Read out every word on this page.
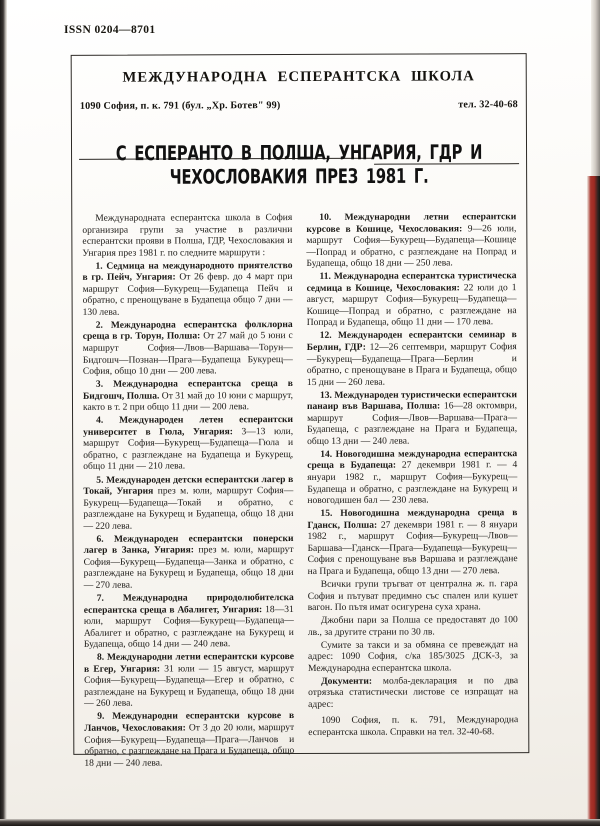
ISSN 0204—8701
МЕЖДУНАРОДНА ЕСПЕРАНТСКА ШКОЛА
1090 София, п. к. 791 (бул. „Хр. Ботев" 99)	тел. 32-40-68
С ЕСПЕРАНТО В ПОЛША, УНГАРИЯ, ГДР И ЧЕХОСЛОВАКИЯ ПРЕЗ 1981 Г.

Международната есперантска школа в София организира групи за участие в различни есперантски прояви в Полша, ГДР, Чехословакия и Унгария през 1981 г. по следните маршрути :

1. Седмица на международното приятелство в гр. Пейч, Унгария: От 26 февр. до 4 март при маршрут София—Букурещ—Будапеща Пейч и обратно, с пренощуване в Будапеща общо 7 дни — 130 лева.

2. Международна есперантска фолклорна среща в гр. Торун, Полша: От 27 май до 5 юни с маршрут София—Лвов—Варшава—Торун—Бидгошч—Познан—Прага—Будапеща Букурещ—София, общо 10 дни — 200 лева.

3. Международна есперантска среща в Бидгошч, Полша. От 31 май до 10 юни с маршрут, както в т. 2 при общо 11 дни — 200 лева.

4. Международен летен есперантски университет в Гюла, Унгария: 3—13 юли, маршрут София—Букурещ—Будапеща—Гюла и обратно, с разглеждане на Будапеща и Букурещ, общо 11 дни — 210 лева.

5. Международен детски есперантски лагер в Токай, Унгария през м. юли, маршрут София—Букурещ—Будапеща—Токай и обратно, с разглеждане на Букурещ и Будапеща, общо 18 дни — 220 лева.

6. Международен есперантски понерски лагер в Занка, Унгария: през м. юли, маршрут София—Букурещ—Будапеща—Занка и обратно, с разглеждане на Букурещ и Будапеща, общо 18 дни — 270 лева.

7. Международна природолюбителска есперантска среща в Абалигет, Унгария: 18—31 юли, маршрут София—Букурещ—Будапеща—Абалигет и обратно, с разглеждане на Букурещ и Будапеща, общо 14 дни — 240 лева.

8. Международни летни есперантски курсове в Егер, Унгария: 31 юли — 15 август, маршрут София—Букурещ—Будапеща—Егер и обратно, с разглеждане на Букурещ и Будапеща, общо 18 дни — 260 лева.

9. Международни есперантски курсове в Ланчов, Чехословакия: От 3 до 20 юли, маршрут София—Букурещ—Будапеща—Прага—Ланчов и обратно, с разглеждане на Прага и Будапеща, общо 18 дни — 240 лева.

10. Международни летни есперантски курсове в Кошице, Чехословакия: 9—26 юли, маршрут София—Букурещ—Будапеща—Кошице—Попрад и обратно, с разглеждане на Попрад и Будапеща, общо 18 дни — 250 лева.

11. Международна есперантска туристическа седмица в Кошице, Чехословакия: 22 юли до 1 август, маршрут София—Букурещ—Будапеща—Кошице—Попрад и обратно, с разглеждане на Попрад и Будапеща, общо 11 дни — 170 лева.

12. Международен есперантски семинар в Берлин, ГДР: 12—26 септември, маршрут София—Букурещ—Будапеща—Прага—Берлин и обратно, с пренощуване в Прага и Будапеща, общо 15 дни — 260 лева.

13. Международен туристически есперантски панаир във Варшава, Полша: 16—28 октомври, маршрут София—Лвов—Варшава—Прага—Будапеща, с разглеждане на Прага и Будапеща, общо 13 дни — 240 лева.

14. Новогодишна международна есперантска среща в Будапеща: 27 декември 1981 г. — 4 януари 1982 г., маршрут София—Букурещ—Будапеща и обратно, с разглеждане на Букурещ и новогодишен бал — 230 лева.

15. Новогодишна международна среща в Гданск, Полша: 27 декември 1981 г. — 8 януари 1982 г., маршрут София—Букурещ—Лвов—Баршава—Гданск—Прага—Будапеща—Букурещ—София с пренощуване във Варшава и разглеждане на Прага и Будапеща, общо 13 дни — 270 лева.

Всички групи тръгват от централна ж. п. гара София и пътуват предимно със спален или кушет вагон. По пътя имат осигурена суха храна.

Джобни пари за Полша се предоставят до 100 лв., за другите страни по 30 лв.

Сумите за такси и за обмяна се превеждат на адрес: 1090 София, с/ка 185/3025 ДСК-3, за Международна есперантска школа.

Документи: молба-декларация и по два отрязъка статистически листове се изпращат на адрес:

1090 София, п. к. 791, Международна есперантска школа. Справки на тел. 32-40-68.
